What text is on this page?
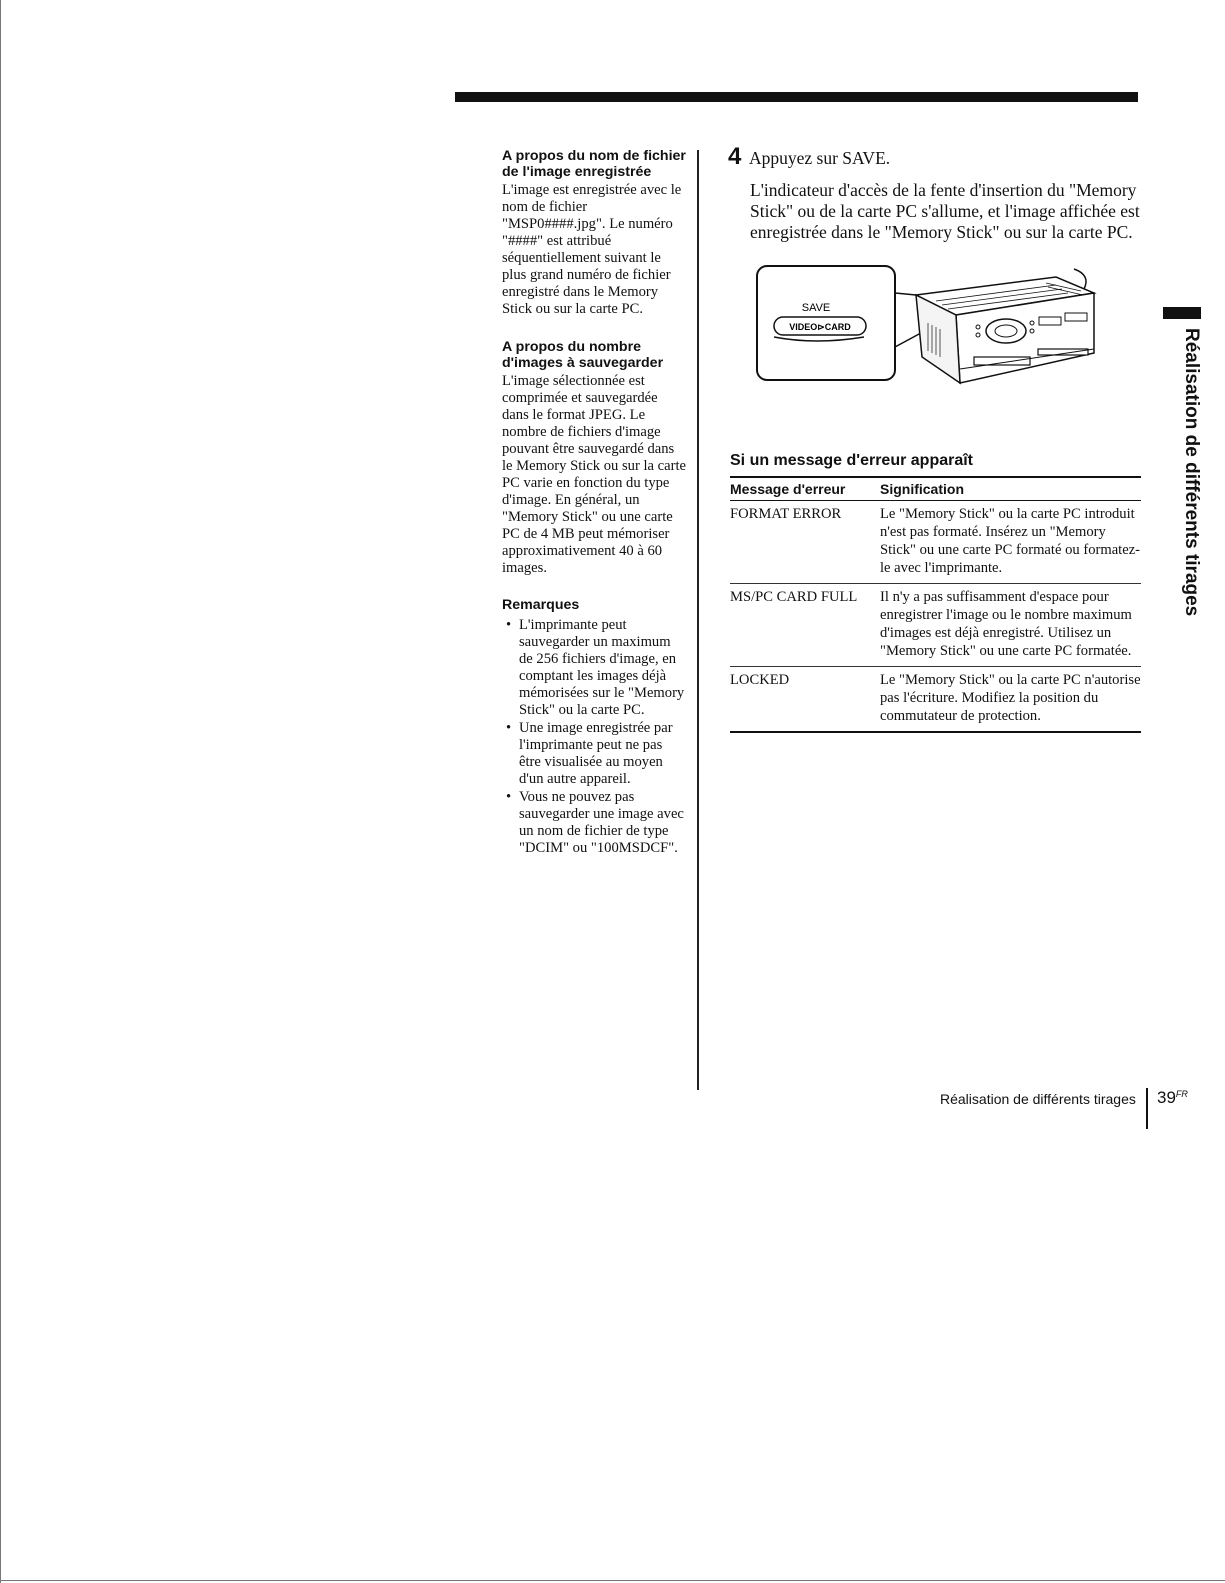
A propos du nom de fichier de l'image enregistrée

L'image est enregistrée avec le nom de fichier "MSP0####.jpg". Le numéro "####" est attribué séquentiellement suivant le plus grand numéro de fichier enregistré dans le Memory Stick ou sur la carte PC.

A propos du nombre d'images à sauvegarder

L'image sélectionnée est comprimée et sauvegardée dans le format JPEG. Le nombre de fichiers d'image pouvant être sauvegardé dans le Memory Stick ou sur la carte PC varie en fonction du type d'image. En général, un "Memory Stick" ou une carte PC de 4 MB peut mémoriser approximativement 40 à 60 images.

Remarques
• L'imprimante peut sauvegarder un maximum de 256 fichiers d'image, en comptant les images déjà mémorisées sur le "Memory Stick" ou la carte PC.
• Une image enregistrée par l'imprimante peut ne pas être visualisée au moyen d'un autre appareil.
• Vous ne pouvez pas sauvegarder une image avec un nom de fichier de type "DCIM" ou "100MSDCF".
4 Appuyez sur SAVE.

L'indicateur d'accès de la fente d'insertion du "Memory Stick" ou de la carte PC s'allume, et l'image affichée est enregistrée dans le "Memory Stick" ou sur la carte PC.

SAVE
VIDEO⊳CARD
Si un message d'erreur apparaît
Message d'erreur	Signification
FORMAT ERROR	Le "Memory Stick" ou la carte PC introduit n'est pas formaté. Insérez un "Memory Stick" ou une carte PC formaté ou formatez-le avec l'imprimante.
MS/PC CARD FULL	Il n'y a pas suffisamment d'espace pour enregistrer l'image ou le nombre maximum d'images est déjà enregistré. Utilisez un "Memory Stick" ou une carte PC formatée.
LOCKED	Le "Memory Stick" ou la carte PC n'autorise pas l'écriture. Modifiez la position du commutateur de protection.
Réalisation de différents tirages
Réalisation de différents tirages $39^{FR}$
